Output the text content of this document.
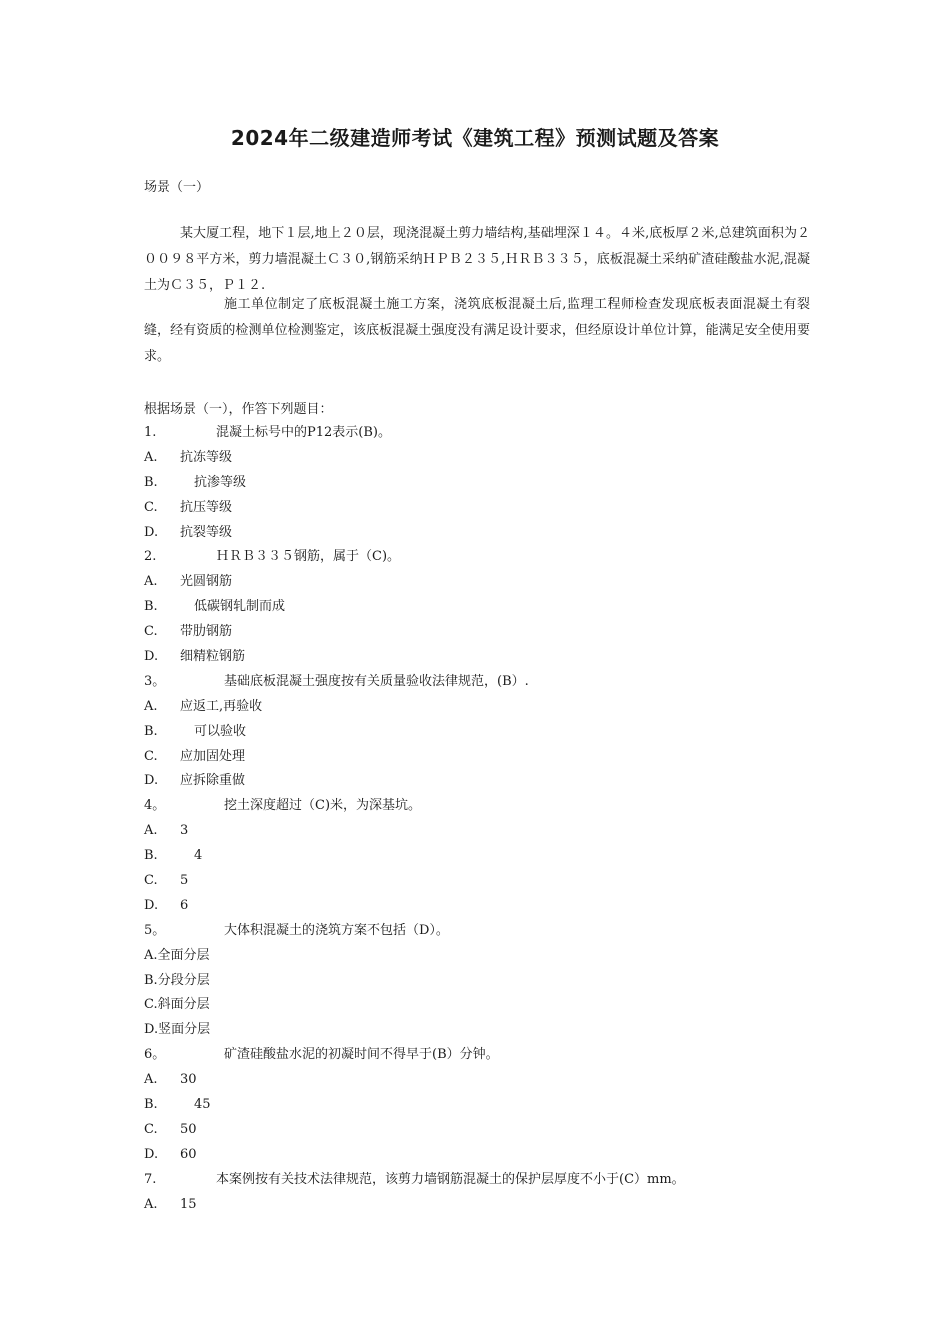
2024年二级建造师考试《建筑工程》预测试题及答案
场景（一）
某大厦工程，地下１层,地上２０层，现浇混凝土剪力墙结构,基础埋深１４。４米,底板厚２米,总建筑面积为２００９８平方米，剪力墙混凝土Ｃ３０,钢筋采纳ＨＰＢ２３５,ＨＲＢ３３５，底板混凝土采纳矿渣硅酸盐水泥,混凝土为Ｃ３５，Ｐ１２.
施工单位制定了底板混凝土施工方案，浇筑底板混凝土后,监理工程师检查发现底板表面混凝土有裂缝，经有资质的检测单位检测鉴定，该底板混凝土强度没有满足设计要求，但经原设计单位计算，能满足安全使用要求。
根据场景（一），作答下列题目：
1.	混凝土标号中的P12表示(B)。
A. 抗冻等级
B.	抗渗等级
C. 抗压等级
D. 抗裂等级
2.	ＨＲＢ３３５钢筋，属于（C)。
A. 光圆钢筋
B.	低碳钢轧制而成
C. 带肋钢筋
D. 细精粒钢筋
3。	基础底板混凝土强度按有关质量验收法律规范，(B）.
A. 应返工,再验收
B.	可以验收
C. 应加固处理
D. 应拆除重做
4。	挖土深度超过（C)米，为深基坑。
A. 3
B.	4
C. 5
D. 6
5。	大体积混凝土的浇筑方案不包括（D）。
A.全面分层
B.分段分层
C.斜面分层
D.竖面分层
6。	矿渣硅酸盐水泥的初凝时间不得早于(B）分钟。
A. 30
B.	45
C. 50
D. 60
7.	本案例按有关技术法律规范，该剪力墙钢筋混凝土的保护层厚度不小于(C）mm。
A. 15
